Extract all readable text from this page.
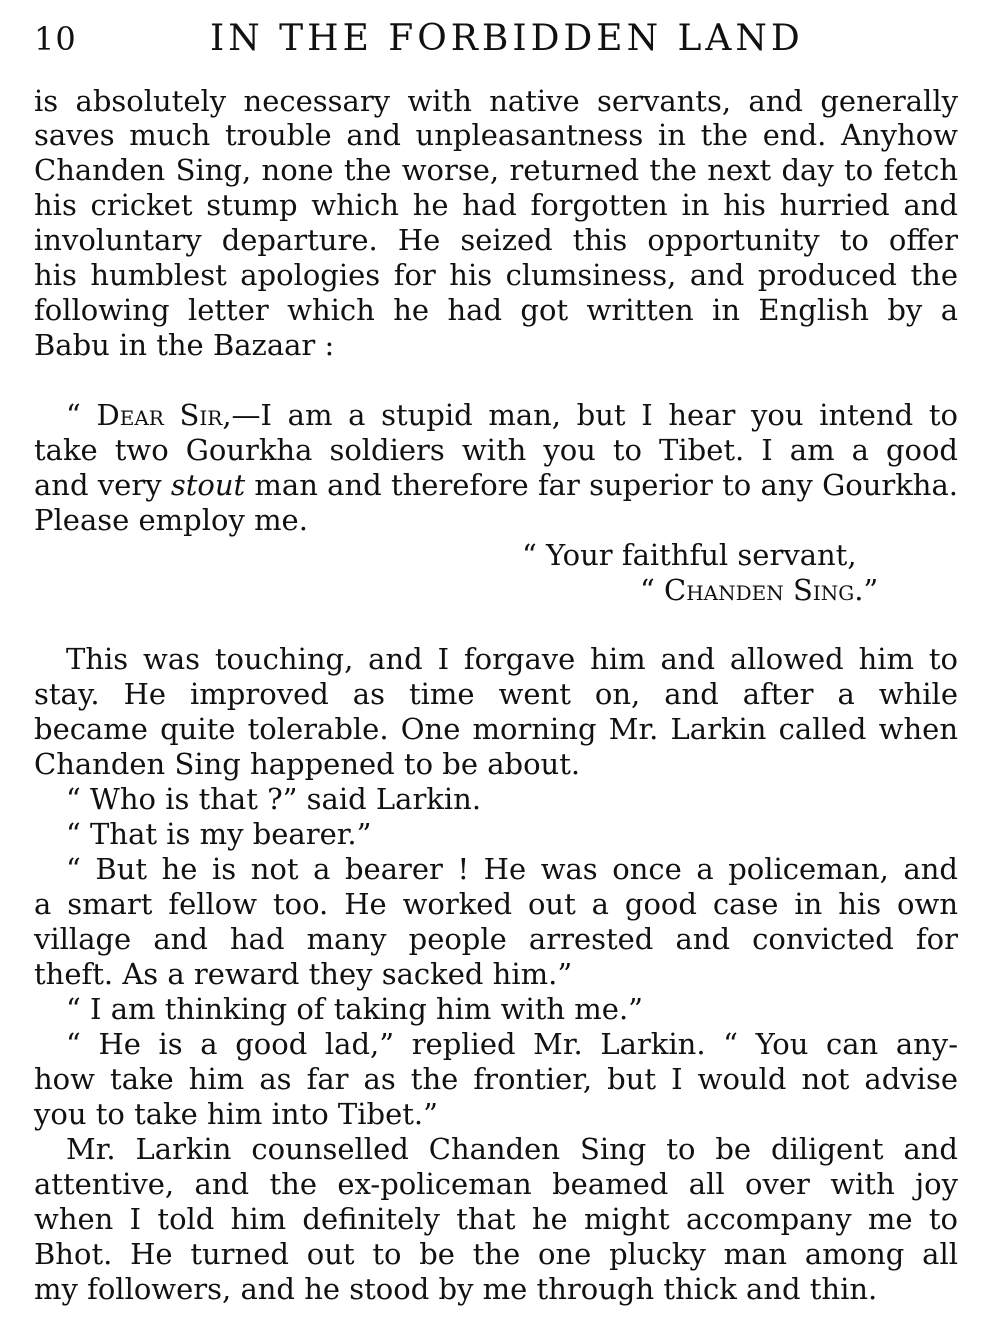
10	IN THE FORBIDDEN LAND
is absolutely necessary with native servants, and generally
saves much trouble and unpleasantness in the end. Anyhow
Chanden Sing, none the worse, returned the next day to fetch
his cricket stump which he had forgotten in his hurried and
involuntary departure. He seized this opportunity to offer
his humblest apologies for his clumsiness, and produced the
following letter which he had got written in English by a
Babu in the Bazaar :
“ Dear Sir,—I am a stupid man, but I hear you intend to
take two Gourkha soldiers with you to Tibet. I am a good
and very stout man and therefore far superior to any Gourkha.
Please employ me.
“ Your faithful servant,
“ Chanden Sing.”
This was touching, and I forgave him and allowed him to
stay. He improved as time went on, and after a while
became quite tolerable. One morning Mr. Larkin called when
Chanden Sing happened to be about.
“ Who is that ?” said Larkin.
“ That is my bearer.”
“ But he is not a bearer ! He was once a policeman, and
a smart fellow too. He worked out a good case in his own
village and had many people arrested and convicted for
theft. As a reward they sacked him.”
“ I am thinking of taking him with me.”
“ He is a good lad,” replied Mr. Larkin. “ You can any-
how take him as far as the frontier, but I would not advise
you to take him into Tibet.”
Mr. Larkin counselled Chanden Sing to be diligent and
attentive, and the ex-policeman beamed all over with joy
when I told him definitely that he might accompany me to
Bhot. He turned out to be the one plucky man among all
my followers, and he stood by me through thick and thin.
